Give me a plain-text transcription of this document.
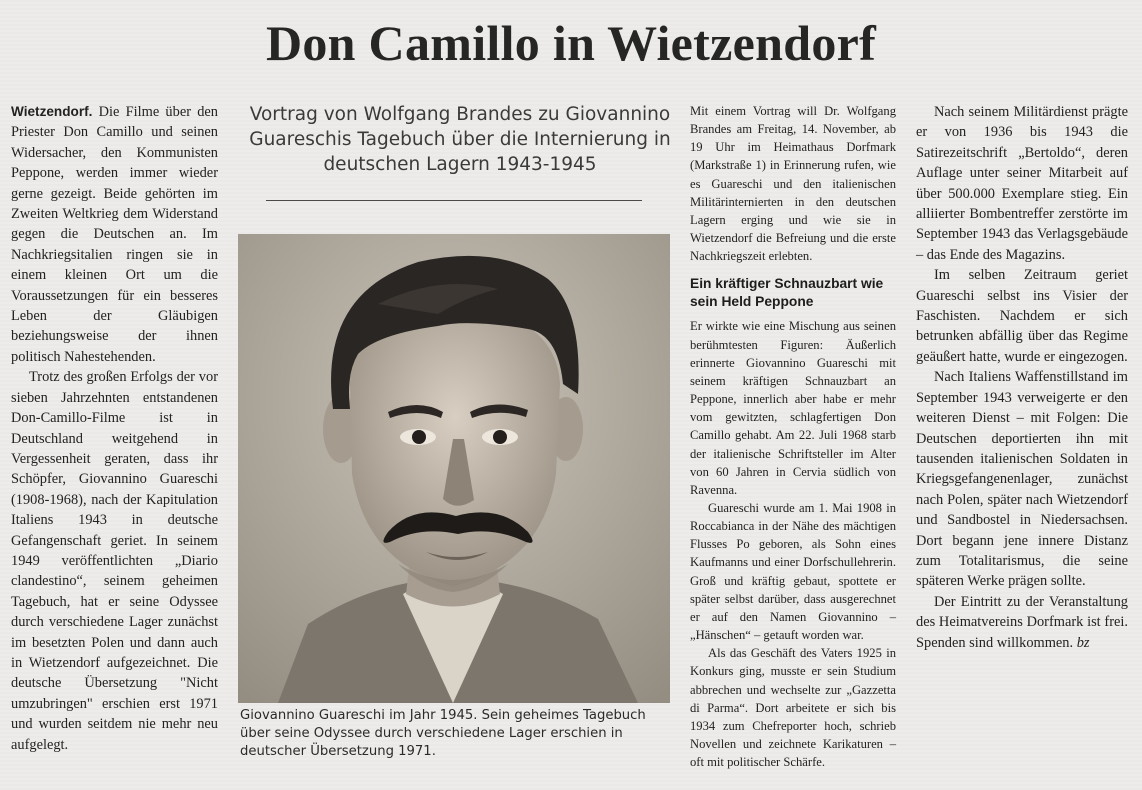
Don Camillo in Wietzendorf

Wietzendorf. Die Filme über den Priester Don Camillo und seinen Widersacher, den Kommunisten Peppone, werden immer wieder gerne gezeigt. Beide gehörten im Zweiten Weltkrieg dem Widerstand gegen die Deutschen an. Im Nachkriegsitalien ringen sie in einem kleinen Ort um die Voraussetzungen für ein besseres Leben der Gläubigen beziehungsweise der ihnen politisch Nahestehenden.

Trotz des großen Erfolgs der vor sieben Jahrzehnten entstandenen Don-Camillo-Filme ist in Deutschland weitgehend in Vergessenheit geraten, dass ihr Schöpfer, Giovannino Guareschi (1908-1968), nach der Kapitulation Italiens 1943 in deutsche Gefangenschaft geriet. In seinem 1949 veröffentlichten „Diario clandestino“, seinem geheimen Tagebuch, hat er seine Odyssee durch verschiedene Lager zunächst im besetzten Polen und dann auch in Wietzendorf aufgezeichnet. Die deutsche Übersetzung "Nicht umzubringen" erschien erst 1971 und wurden seitdem nie mehr neu aufgelegt.

Vortrag von Wolfgang Brandes zu Giovannino Guareschis Tagebuch über die Internierung in deutschen Lagern 1943-1945
Giovannino Guareschi im Jahr 1945. Sein geheimes Tagebuch über seine Odyssee durch verschiedene Lager erschien in deutscher Übersetzung 1971.

Mit einem Vortrag will Dr. Wolfgang Brandes am Freitag, 14. November, ab 19 Uhr im Heimathaus Dorfmark (Markstraße 1) in Erinnerung rufen, wie es Guareschi und den italienischen Militärinternierten in den deutschen Lagern erging und wie sie in Wietzendorf die Befreiung und die erste Nachkriegszeit erlebten.

Ein kräftiger Schnauzbart wie sein Held Peppone

Er wirkte wie eine Mischung aus seinen berühmtesten Figuren: Äußerlich erinnerte Giovannino Guareschi mit seinem kräftigen Schnauzbart an Peppone, innerlich aber habe er mehr vom gewitzten, schlagfertigen Don Camillo gehabt. Am 22. Juli 1968 starb der italienische Schriftsteller im Alter von 60 Jahren in Cervia südlich von Ravenna.

Guareschi wurde am 1. Mai 1908 in Roccabianca in der Nähe des mächtigen Flusses Po geboren, als Sohn eines Kaufmanns und einer Dorfschullehrerin. Groß und kräftig gebaut, spottete er später selbst darüber, dass ausgerechnet er auf den Namen Giovannino – „Hänschen“ – getauft worden war.

Als das Geschäft des Vaters 1925 in Konkurs ging, musste er sein Studium abbrechen und wechselte zur „Gazzetta di Parma“. Dort arbeitete er sich bis 1934 zum Chefreporter hoch, schrieb Novellen und zeichnete Karikaturen – oft mit politischer Schärfe.

Nach seinem Militärdienst prägte er von 1936 bis 1943 die Satirezeitschrift „Bertoldo“, deren Auflage unter seiner Mitarbeit auf über 500.000 Exemplare stieg. Ein alliierter Bombentreffer zerstörte im September 1943 das Verlagsgebäude – das Ende des Magazins.

Im selben Zeitraum geriet Guareschi selbst ins Visier der Faschisten. Nachdem er sich betrunken abfällig über das Regime geäußert hatte, wurde er eingezogen.

Nach Italiens Waffenstillstand im September 1943 verweigerte er den weiteren Dienst – mit Folgen: Die Deutschen deportierten ihn mit tausenden italienischen Soldaten in Kriegsgefangenenlager, zunächst nach Polen, später nach Wietzendorf und Sandbostel in Niedersachsen. Dort begann jene innere Distanz zum Totalitarismus, die seine späteren Werke prägen sollte.

Der Eintritt zu der Veranstaltung des Heimatvereins Dorfmark ist frei. Spenden sind willkommen. bz
